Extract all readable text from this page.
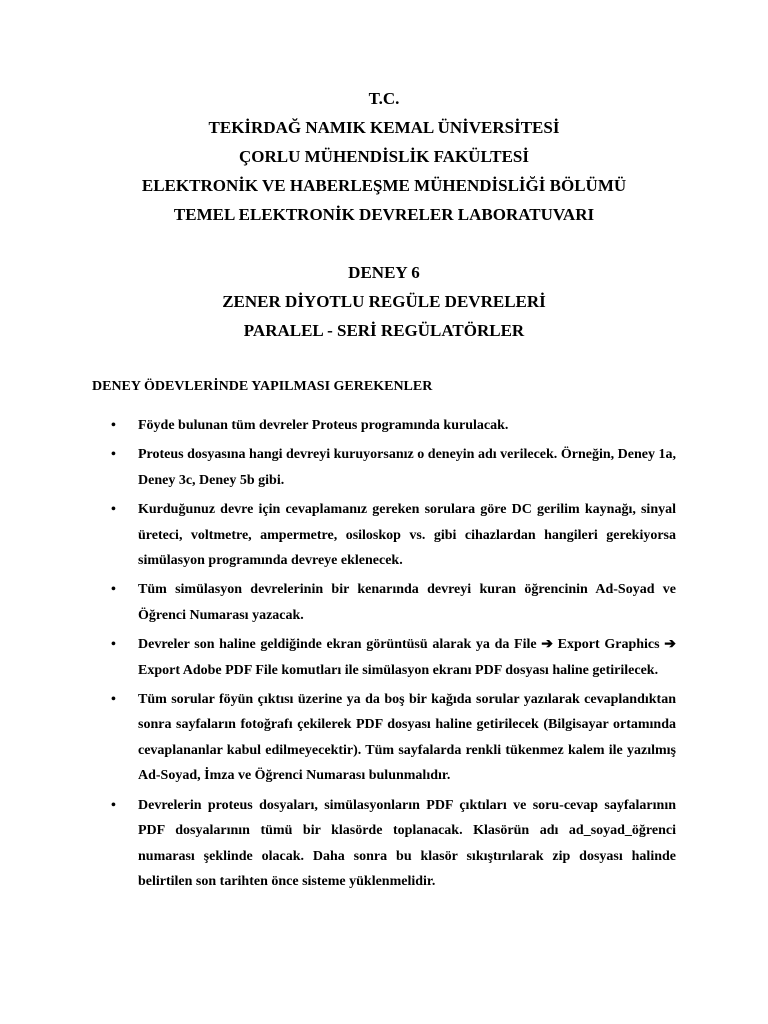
T.C.
TEKİRDAĞ NAMIK KEMAL ÜNİVERSİTESİ
ÇORLU MÜHENDİSLİK FAKÜLTESİ
ELEKTRONİK VE HABERLEŞME MÜHENDİSLİĞİ BÖLÜMÜ
TEMEL ELEKTRONİK DEVRELER LABORATUVARI
DENEY 6
ZENER DİYOTLU REGÜLE DEVRELERİ
PARALEL - SERİ REGÜLATÖRLER
DENEY ÖDEVLERİNDE YAPILMASI GEREKENLER
• Föyde bulunan tüm devreler Proteus programında kurulacak.
• Proteus dosyasına hangi devreyi kuruyorsanız o deneyin adı verilecek. Örneğin, Deney 1a, Deney 3c, Deney 5b gibi.
• Kurduğunuz devre için cevaplamanız gereken sorulara göre DC gerilim kaynağı, sinyal üreteci, voltmetre, ampermetre, osiloskop vs. gibi cihazlardan hangileri gerekiyorsa simülasyon programında devreye eklenecek.
• Tüm simülasyon devrelerinin bir kenarında devreyi kuran öğrencinin Ad-Soyad ve Öğrenci Numarası yazacak.
• Devreler son haline geldiğinde ekran görüntüsü alarak ya da File ➔ Export Graphics ➔ Export Adobe PDF File komutları ile simülasyon ekranı PDF dosyası haline getirilecek.
• Tüm sorular föyün çıktısı üzerine ya da boş bir kağıda sorular yazılarak cevaplandıktan sonra sayfaların fotoğrafı çekilerek PDF dosyası haline getirilecek (Bilgisayar ortamında cevaplananlar kabul edilmeyecektir). Tüm sayfalarda renkli tükenmez kalem ile yazılmış Ad-Soyad, İmza ve Öğrenci Numarası bulunmalıdır.
• Devrelerin proteus dosyaları, simülasyonların PDF çıktıları ve soru-cevap sayfalarının PDF dosyalarının tümü bir klasörde toplanacak. Klasörün adı ad_soyad_öğrenci numarası şeklinde olacak. Daha sonra bu klasör sıkıştırılarak zip dosyası halinde belirtilen son tarihten önce sisteme yüklenmelidir.
